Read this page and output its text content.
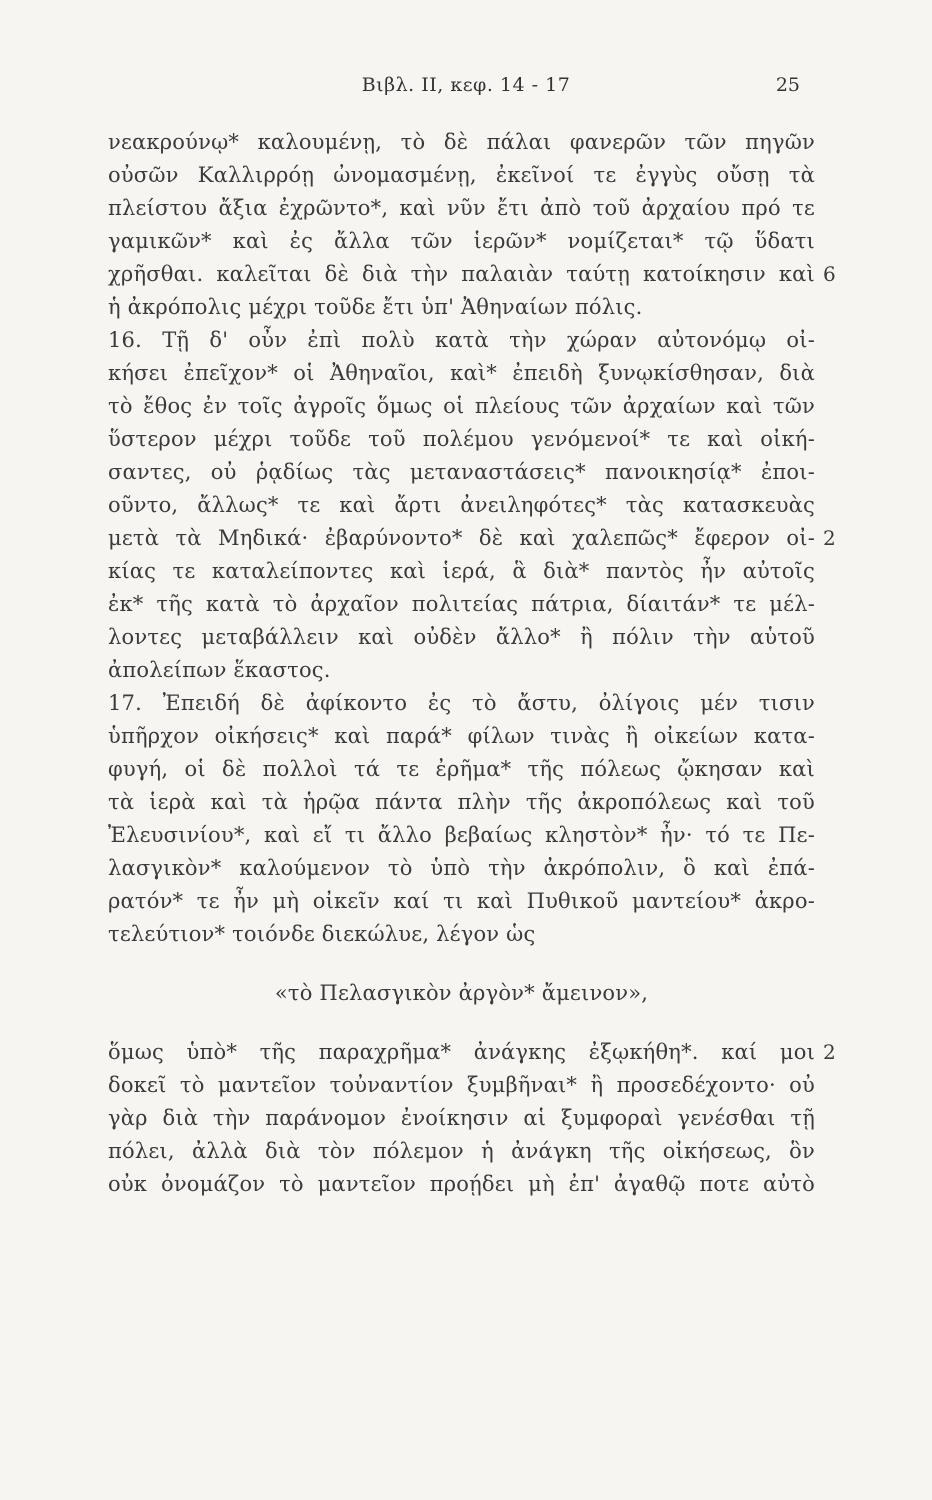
Βιβλ. II, κεφ. 14 - 17	25
νεακρούνῳ* καλουμένῃ, τὸ δὲ πάλαι φανερῶν τῶν πηγῶν
οὐσῶν Καλλιρρόῃ ὠνομασμένῃ, ἐκεῖνοί τε ἐγγὺς οὔσῃ τὰ
πλείστου ἄξια ἐχρῶντο*, καὶ νῦν ἔτι ἀπὸ τοῦ ἀρχαίου πρό τε
γαμικῶν* καὶ ἐς ἄλλα τῶν ἱερῶν* νομίζεται* τῷ ὕδατι
χρῆσθαι. καλεῖται δὲ διὰ τὴν παλαιὰν ταύτῃ κατοίκησιν καὶ 6
ἡ ἀκρόπολις μέχρι τοῦδε ἔτι ὑπ' Ἀθηναίων πόλις.
16. Τῇ δ' οὖν ἐπὶ πολὺ κατὰ τὴν χώραν αὐτονόμῳ οἰ-
κήσει ἐπεῖχον* οἱ Ἀθηναῖοι, καὶ* ἐπειδὴ ξυνῳκίσθησαν, διὰ
τὸ ἔθος ἐν τοῖς ἀγροῖς ὅμως οἱ πλείους τῶν ἀρχαίων καὶ τῶν
ὕστερον μέχρι τοῦδε τοῦ πολέμου γενόμενοί* τε καὶ οἰκή-
σαντες, οὐ ῥᾳδίως τὰς μεταναστάσεις* πανοικησίᾳ* ἐποι-
οῦντο, ἄλλως* τε καὶ ἄρτι ἀνειληφότες* τὰς κατασκευὰς
μετὰ τὰ Μηδικά· ἐβαρύνοντο* δὲ καὶ χαλεπῶς* ἔφερον οἰ- 2
κίας τε καταλείποντες καὶ ἱερά, ἃ διὰ* παντὸς ἦν αὐτοῖς
ἐκ* τῆς κατὰ τὸ ἀρχαῖον πολιτείας πάτρια, δίαιτάν* τε μέλ-
λοντες μεταβάλλειν καὶ οὐδὲν ἄλλο* ἢ πόλιν τὴν αὑτοῦ
ἀπολείπων ἕκαστος.
17. Ἐπειδή δὲ ἀφίκοντο ἐς τὸ ἄστυ, ὀλίγοις μέν τισιν
ὑπῆρχον οἰκήσεις* καὶ παρά* φίλων τινὰς ἢ οἰκείων κατα-
φυγή, οἱ δὲ πολλοὶ τά τε ἐρῆμα* τῆς πόλεως ᾤκησαν καὶ
τὰ ἱερὰ καὶ τὰ ἡρῷα πάντα πλὴν τῆς ἀκροπόλεως καὶ τοῦ
Ἐλευσινίου*, καὶ εἴ τι ἄλλο βεβαίως κληστὸν* ἦν· τό τε Πε-
λασγικὸν* καλούμενον τὸ ὑπὸ τὴν ἀκρόπολιν, ὃ καὶ ἐπά-
ρατόν* τε ἦν μὴ οἰκεῖν καί τι καὶ Πυθικοῦ μαντείου* ἀκρο-
τελεύτιον* τοιόνδε διεκώλυε, λέγον ὡς
«τὸ Πελασγικὸν ἀργὸν* ἄμεινον»,
ὅμως ὑπὸ* τῆς παραχρῆμα* ἀνάγκης ἐξῳκήθη*. καί μοι 2
δοκεῖ τὸ μαντεῖον τοὐναντίον ξυμβῆναι* ἢ προσεδέχοντο· οὐ
γὰρ διὰ τὴν παράνομον ἐνοίκησιν αἱ ξυμφοραὶ γενέσθαι τῇ
πόλει, ἀλλὰ διὰ τὸν πόλεμον ἡ ἀνάγκη τῆς οἰκήσεως, ὃν
οὐκ ὀνομάζον τὸ μαντεῖον προῄδει μὴ ἐπ' ἀγαθῷ ποτε αὐτὸ
